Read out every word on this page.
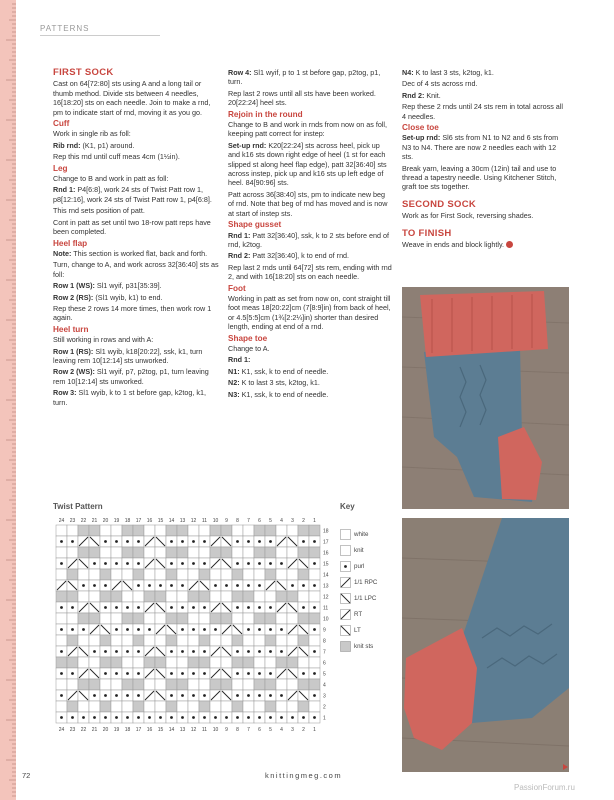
PATTERNS
FIRST SOCK

Cast on 64[72:80] sts using A and a long tail or thumb method. Divide sts between 4 needles, 16[18:20] sts on each needle. Join to make a rnd, pm to indicate start of rnd, moving it as you go.

Cuff

Work in single rib as foll:

Rib rnd: (K1, p1) around.

Rep this rnd until cuff meas 4cm (1½in).

Leg

Change to B and work in patt as foll:

Rnd 1: P4[6:8], work 24 sts of Twist Patt row 1, p8[12:16], work 24 sts of Twist Patt row 1, p4[6:8].

This rnd sets position of patt.

Cont in patt as set until two 18-row patt reps have been completed.

Heel flap

Note: This section is worked flat, back and forth.

Turn, change to A, and work across 32[36:40] sts as foll:

Row 1 (WS): Sl1 wyif, p31[35:39].

Row 2 (RS): (Sl1 wyib, k1) to end.

Rep these 2 rows 14 more times, then work row 1 again.

Heel turn

Still working in rows and with A:

Row 1 (RS): Sl1 wyib, k18[20:22], ssk, k1, turn leaving rem 10[12:14] sts unworked.

Row 2 (WS): Sl1 wyif, p7, p2tog, p1, turn leaving rem 10[12:14] sts unworked.

Row 3: Sl1 wyib, k to 1 st before gap, k2tog, k1, turn.

Row 4: Sl1 wyif, p to 1 st before gap, p2tog, p1, turn.

Rep last 2 rows until all sts have been worked. 20[22:24] heel sts.

Rejoin in the round

Change to B and work in rnds from now on as foll, keeping patt correct for instep:

Set-up rnd: K20[22:24] sts across heel, pick up and k16 sts down right edge of heel (1 st for each slipped st along heel flap edge), patt 32[36:40] sts across instep, pick up and k16 sts up left edge of heel. 84[90:96] sts.

Patt across 36[38:40] sts, pm to indicate new beg of rnd. Note that beg of rnd has moved and is now at start of instep sts.

Shape gusset

Rnd 1: Patt 32[36:40], ssk, k to 2 sts before end of rnd, k2tog.

Rnd 2: Patt 32[36:40], k to end of rnd.

Rep last 2 rnds until 64[72] sts rem, ending with rnd 2, and with 16[18:20] sts on each needle.

Foot

Working in patt as set from now on, cont straight till foot meas 18[20:22]cm (7[8:9]in) from back of heel, or 4.5[5:5]cm (1¾[2:2¼]in) shorter than desired length, ending at end of a rnd.

Shape toe

Change to A.

Rnd 1:

N1: K1, ssk, k to end of needle.

N2: K to last 3 sts, k2tog, k1.

N3: K1, ssk, k to end of needle.

N4: K to last 3 sts, k2tog, k1.

Dec of 4 sts across rnd.

Rnd 2: Knit.

Rep these 2 rnds until 24 sts rem in total across all 4 needles.

Close toe

Set-up rnd: Sl6 sts from N1 to N2 and 6 sts from N3 to N4. There are now 2 needles each with 12 sts.

Break yarn, leaving a 30cm (12in) tail and use to thread a tapestry needle. Using Kitchener Stitch, graft toe sts together.

SECOND SOCK

Work as for First Sock, reversing shades.

TO FINISH

Weave in ends and block lightly.

Twist Pattern
24
24
23
23
22
22
21
21
20
20
19
19
18
18
17
17
16
16
15
15
14
14
13
13
12
12
11
11
10
10
9
9
8
8
7
7
6
6
5
5
4
4
3
3
2
2
1
1
18
17
16
15
14
13
12
11
10
9
8
7
6
5
4
3
2
1
Key
white
knit
purl
1/1 RPC
1/1 LPC
RT
LT
knit sts
72	knittingmeg.com
PassionForum.ru
